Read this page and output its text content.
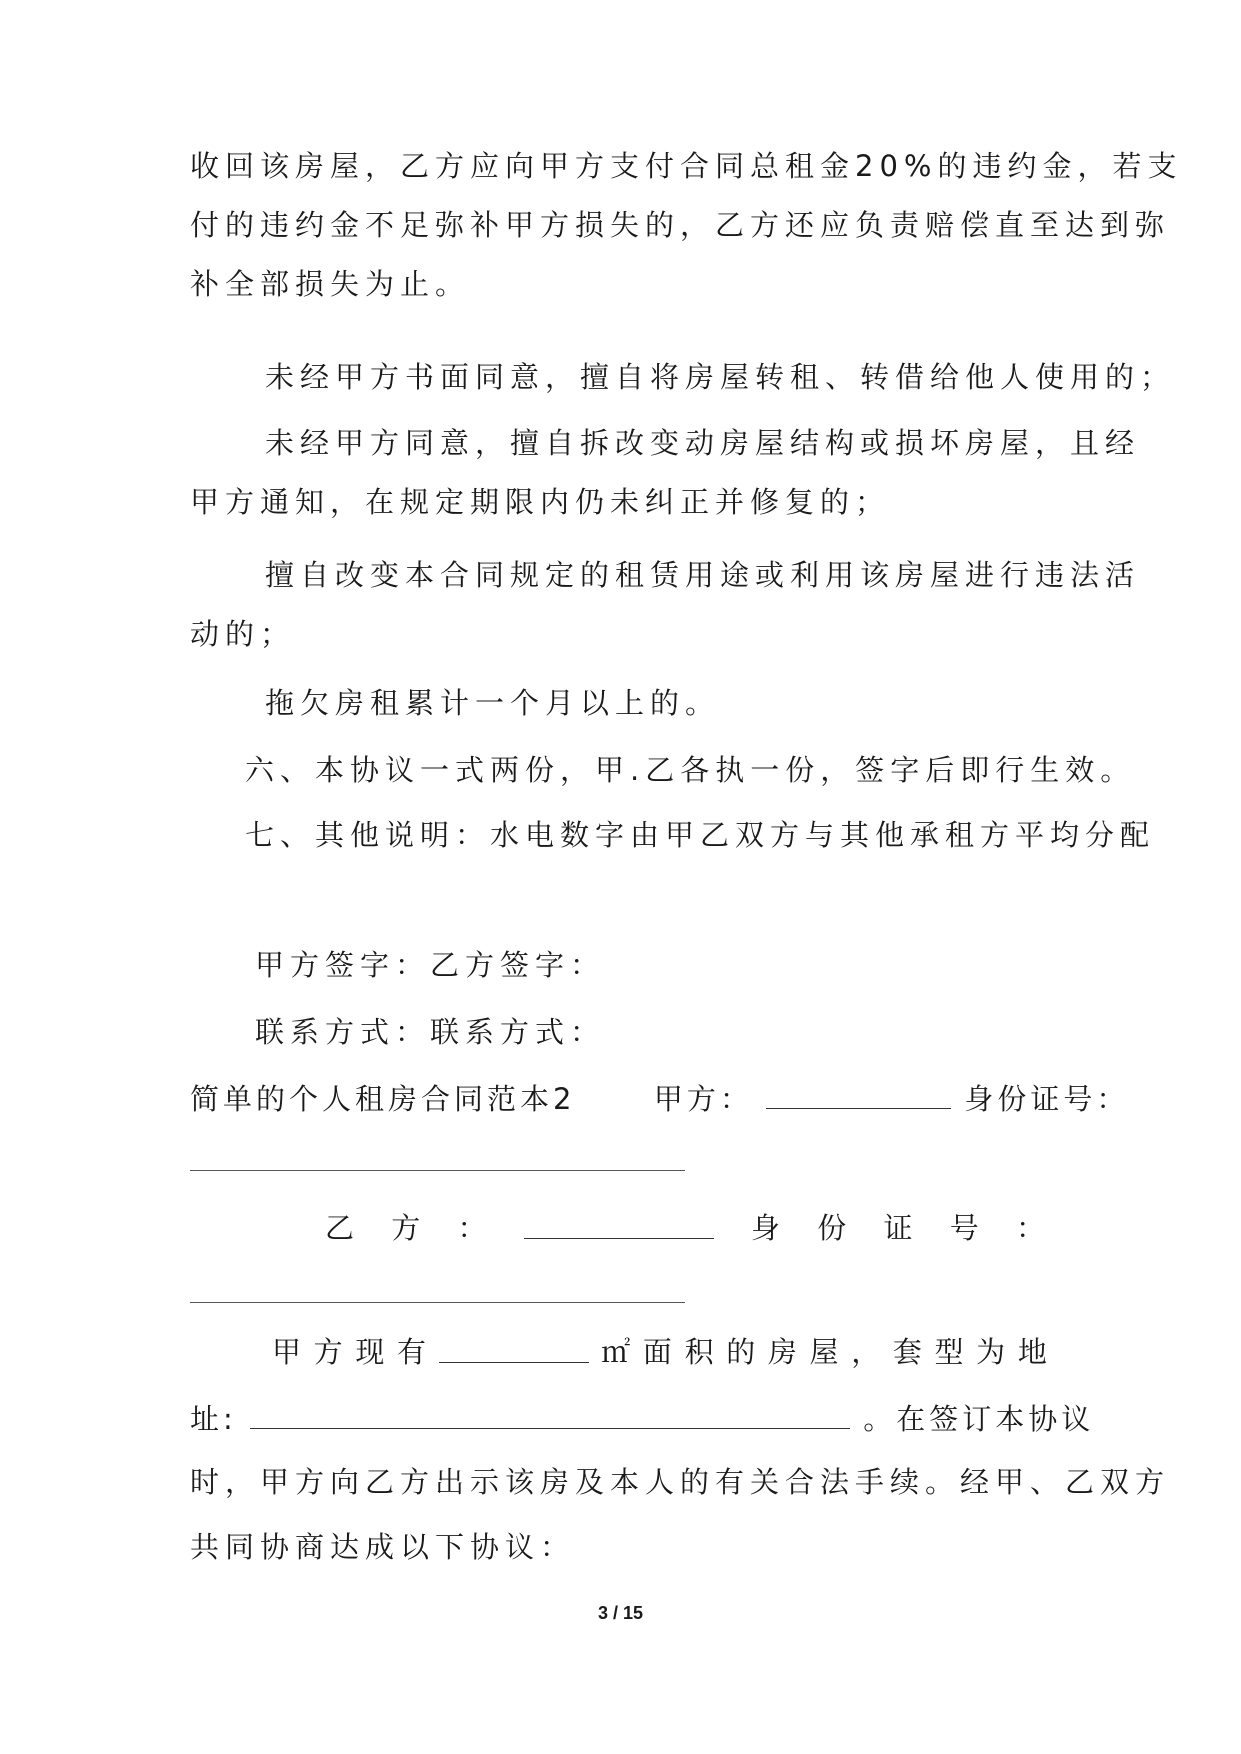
收回该房屋，乙方应向甲方支付合同总租金20%的违约金，若支
付的违约金不足弥补甲方损失的，乙方还应负责赔偿直至达到弥
补全部损失为止。
未经甲方书面同意，擅自将房屋转租、转借给他人使用的；
未经甲方同意，擅自拆改变动房屋结构或损坏房屋，且经
甲方通知，在规定期限内仍未纠正并修复的；
擅自改变本合同规定的租赁用途或利用该房屋进行违法活
动的；
拖欠房租累计一个月以上的。
六、本协议一式两份，甲.乙各执一份，签字后即行生效。
七、其他说明：水电数字由甲乙双方与其他承租方平均分配
甲方签字：乙方签字：
联系方式：联系方式：
简单的个人租房合同范本2	甲方：	身份证号：
乙 方 ：	身 份 证 号 ：
甲 方 现 有	㎡ 面 积 的 房 屋 ， 套 型 为 地
址:	。在签订本协议
时，甲方向乙方出示该房及本人的有关合法手续。经甲、乙双方
共同协商达成以下协议：
3 / 15
